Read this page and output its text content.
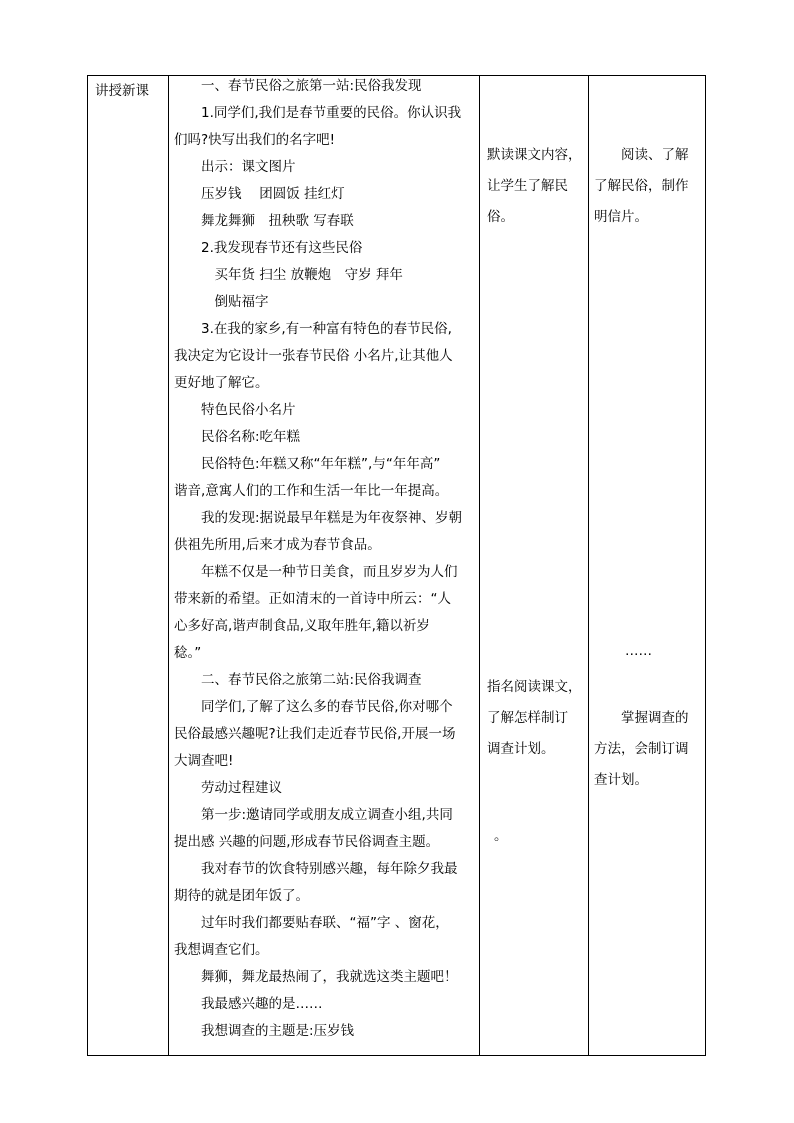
讲授新课 　　一、春节民俗之旅第一站:民俗我发现
　　1.同学们,我们是春节重要的民俗。你认识我
们吗?快写出我们的名字吧!
　　出示：课文图片
　　压岁钱　 团圆饭 挂红灯
　　舞龙舞狮　扭秧歌 写春联
　　2.我发现春节还有这些民俗
　　　买年货 扫尘 放鞭炮　守岁 拜年
　　　倒贴福字
　　3.在我的家乡,有一种富有特色的春节民俗,
我决定为它设计一张春节民俗 小名片,让其他人
更好地了解它。
　　特色民俗小名片
　　民俗名称:吃年糕
　　民俗特色:年糕又称“年年糕”,与“年年高”
谐音,意寓人们的工作和生活一年比一年提高。
　　我的发现:据说最早年糕是为年夜祭神、岁朝
供祖先所用,后来才成为春节食品。
　　年糕不仅是一种节日美食，而且岁岁为人们
带来新的希望。正如清末的一首诗中所云：“人
心多好高,谐声制食品,义取年胜年,籍以祈岁
稔。”
　　二、春节民俗之旅第二站:民俗我调查
　　同学们,了解了这么多的春节民俗,你对哪个
民俗最感兴趣呢?让我们走近春节民俗,开展一场
大调查吧!
　　劳动过程建议
　　第一步:邀请同学或朋友成立调查小组,共同
提出感 兴趣的问题,形成春节民俗调查主题。
　　我对春节的饮食特别感兴趣，每年除夕我最
期待的就是团年饭了。
　　过年时我们都要贴春联、“福”字 、窗花，
我想调查它们。
　　舞狮，舞龙最热闹了，我就选这类主题吧！
　　我最感兴趣的是……
　　我想调查的主题是:压岁钱
默读课文内容，
让学生了解民
俗。
指名阅读课文，
了解怎样制订
调查计划。
。
　　阅读、了解
了解民俗，制作
明信片。
……
　　掌握调查的
方法，会制订调
查计划。
